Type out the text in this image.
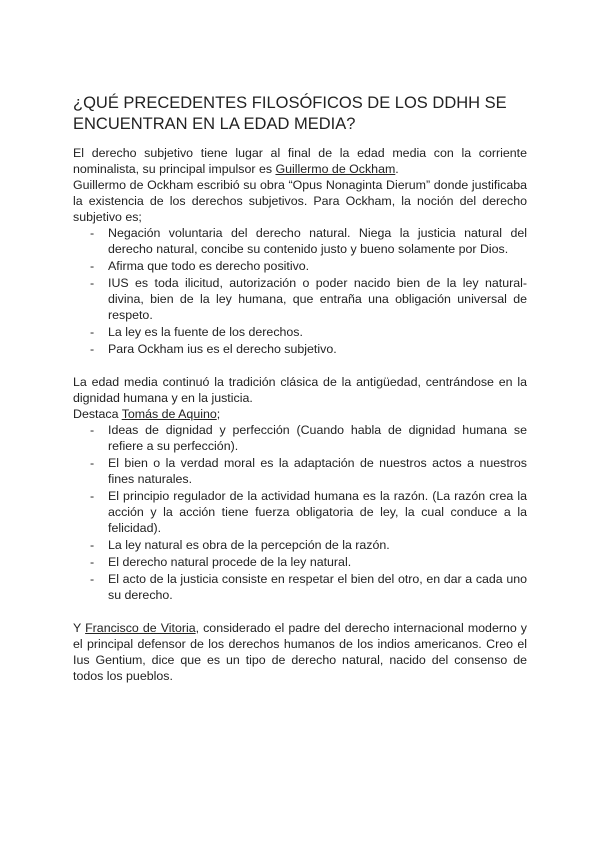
¿QUÉ PRECEDENTES FILOSÓFICOS DE LOS DDHH SE ENCUENTRAN EN LA EDAD MEDIA?

El derecho subjetivo tiene lugar al final de la edad media con la corriente nominalista, su principal impulsor es Guillermo de Ockham.

Guillermo de Ockham escribió su obra “Opus Nonaginta Dierum” donde justificaba la existencia de los derechos subjetivos. Para Ockham, la noción del derecho subjetivo es;

- Negación voluntaria del derecho natural. Niega la justicia natural del derecho natural, concibe su contenido justo y bueno solamente por Dios.
- Afirma que todo es derecho positivo.
- IUS es toda ilicitud, autorización o poder nacido bien de la ley natural-divina, bien de la ley humana, que entraña una obligación universal de respeto.
- La ley es la fuente de los derechos.
- Para Ockham ius es el derecho subjetivo.

La edad media continuó la tradición clásica de la antigüedad, centrándose en la dignidad humana y en la justicia.

Destaca Tomás de Aquino;

- Ideas de dignidad y perfección (Cuando habla de dignidad humana se refiere a su perfección).
- El bien o la verdad moral es la adaptación de nuestros actos a nuestros fines naturales.
- El principio regulador de la actividad humana es la razón. (La razón crea la acción y la acción tiene fuerza obligatoria de ley, la cual conduce a la felicidad).
- La ley natural es obra de la percepción de la razón.
- El derecho natural procede de la ley natural.
- El acto de la justicia consiste en respetar el bien del otro, en dar a cada uno su derecho.

Y Francisco de Vitoria, considerado el padre del derecho internacional moderno y el principal defensor de los derechos humanos de los indios americanos. Creo el Ius Gentium, dice que es un tipo de derecho natural, nacido del consenso de todos los pueblos.
